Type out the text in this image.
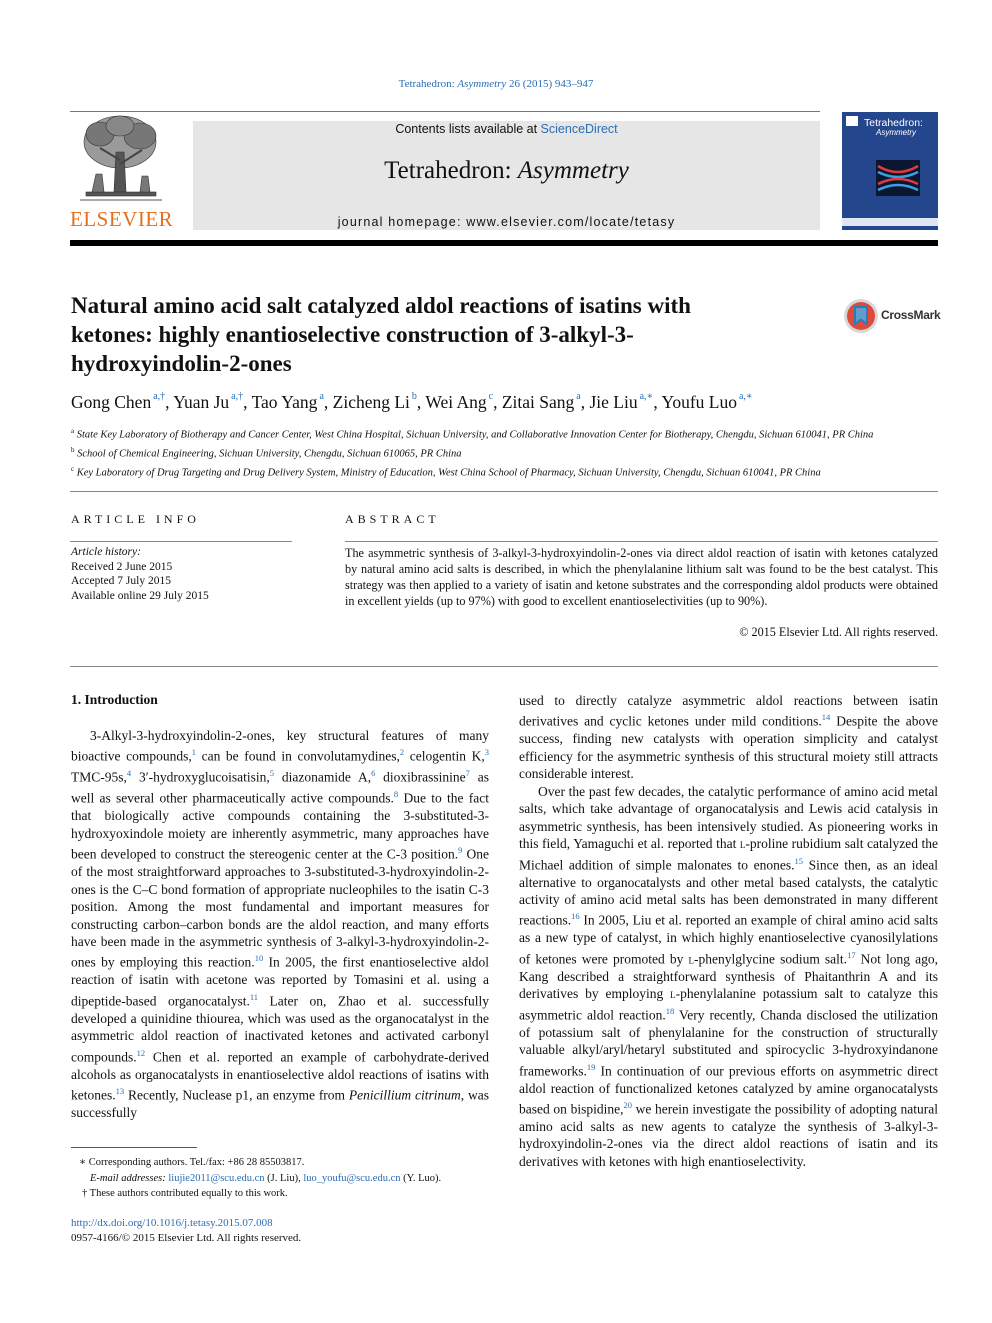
Tetrahedron: Asymmetry 26 (2015) 943–947
ELSEVIER
Contents lists available at ScienceDirect
Tetrahedron: Asymmetry
journal homepage: www.elsevier.com/locate/tetasy
Tetrahedron:
Asymmetry
Natural amino acid salt catalyzed aldol reactions of isatins with ketones: highly enantioselective construction of 3-alkyl-3-hydroxyindolin-2-ones
CrossMark
Gong Chen $^{a,\dagger}$, Yuan Ju $^{a,\dagger}$, Tao Yang $^a$, Zicheng Li $^b$, Wei Ang $^c$, Zitai Sang $^a$, Jie Liu $^{a,∗}$, Youfu Luo $^{a,∗}$
$^a$ State Key Laboratory of Biotherapy and Cancer Center, West China Hospital, Sichuan University, and Collaborative Innovation Center for Biotherapy, Chengdu, Sichuan 610041, PR China
$^b$ School of Chemical Engineering, Sichuan University, Chengdu, Sichuan 610065, PR China
$^c$ Key Laboratory of Drug Targeting and Drug Delivery System, Ministry of Education, West China School of Pharmacy, Sichuan University, Chengdu, Sichuan 610041, PR China
ARTICLE INFO
Article history:
Received 2 June 2015
Accepted 7 July 2015
Available online 29 July 2015
ABSTRACT
The asymmetric synthesis of 3-alkyl-3-hydroxyindolin-2-ones via direct aldol reaction of isatin with ketones catalyzed by natural amino acid salts is described, in which the phenylalanine lithium salt was found to be the best catalyst. This strategy was then applied to a variety of isatin and ketone substrates and the corresponding aldol products were obtained in excellent yields (up to 97%) with good to excellent enantioselectivities (up to 90%).
© 2015 Elsevier Ltd. All rights reserved.
1. Introduction

3-Alkyl-3-hydroxyindolin-2-ones, key structural features of many bioactive compounds,$^1$ can be found in convolutamydines,$^2$ celogentin K,$^3$ TMC-95s,$^4$ 3′-hydroxyglucoisatisin,$^5$ diazonamide A,$^6$ dioxibrassinine$^7$ as well as several other pharmaceutically active compounds.$^8$ Due to the fact that biologically active compounds containing the 3-substituted-3-hydroxyoxindole moiety are inherently asymmetric, many approaches have been developed to construct the stereogenic center at the C-3 position.$^9$ One of the most straightforward approaches to 3-substituted-3-hydroxyindolin-2-ones is the C–C bond formation of appropriate nucleophiles to the isatin C-3 position. Among the most fundamental and important measures for constructing carbon–carbon bonds are the aldol reaction, and many efforts have been made in the asymmetric synthesis of 3-alkyl-3-hydroxyindolin-2-ones by employing this reaction.$^{10}$ In 2005, the first enantioselective aldol reaction of isatin with acetone was reported by Tomasini et al. using a dipeptide-based organocatalyst.$^{11}$ Later on, Zhao et al. successfully developed a quinidine thiourea, which was used as the organocatalyst in the asymmetric aldol reaction of inactivated ketones and activated carbonyl compounds.$^{12}$ Chen et al. reported an example of carbohydrate-derived alcohols as organocatalysts in enantioselective aldol reactions of isatins with ketones.$^{13}$ Recently, Nuclease p1, an enzyme from Penicillium citrinum, was successfully

used to directly catalyze asymmetric aldol reactions between isatin derivatives and cyclic ketones under mild conditions.$^{14}$ Despite the above success, finding new catalysts with operation simplicity and catalyst efficiency for the asymmetric synthesis of this structural moiety still attracts considerable interest.

Over the past few decades, the catalytic performance of amino acid metal salts, which take advantage of organocatalysis and Lewis acid catalysis in asymmetric synthesis, has been intensively studied. As pioneering works in this field, Yamaguchi et al. reported that l-proline rubidium salt catalyzed the Michael addition of simple malonates to enones.$^{15}$ Since then, as an ideal alternative to organocatalysts and other metal based catalysts, the catalytic activity of amino acid metal salts has been demonstrated in many different reactions.$^{16}$ In 2005, Liu et al. reported an example of chiral amino acid salts as a new type of catalyst, in which highly enantioselective cyanosilylations of ketones were promoted by l-phenylglycine sodium salt.$^{17}$ Not long ago, Kang described a straightforward synthesis of Phaitanthrin A and its derivatives by employing l-phenylalanine potassium salt to catalyze this asymmetric aldol reaction.$^{18}$ Very recently, Chanda disclosed the utilization of potassium salt of phenylalanine for the construction of structurally valuable alkyl/aryl/hetaryl substituted and spirocyclic 3-hydroxyindanone frameworks.$^{19}$ In continuation of our previous efforts on asymmetric direct aldol reaction of functionalized ketones catalyzed by amine organocatalysts based on bispidine,$^{20}$ we herein investigate the possibility of adopting natural amino acid salts as new agents to catalyze the synthesis of 3-alkyl-3-hydroxyindolin-2-ones via the direct aldol reactions of isatin and its derivatives with ketones with high enantioselectivity.

∗ Corresponding authors. Tel./fax: +86 28 85503817.
E-mail addresses: liujie2011@scu.edu.cn (J. Liu), luo_youfu@scu.edu.cn (Y. Luo).
† These authors contributed equally to this work.
http://dx.doi.org/10.1016/j.tetasy.2015.07.008
0957-4166/© 2015 Elsevier Ltd. All rights reserved.
